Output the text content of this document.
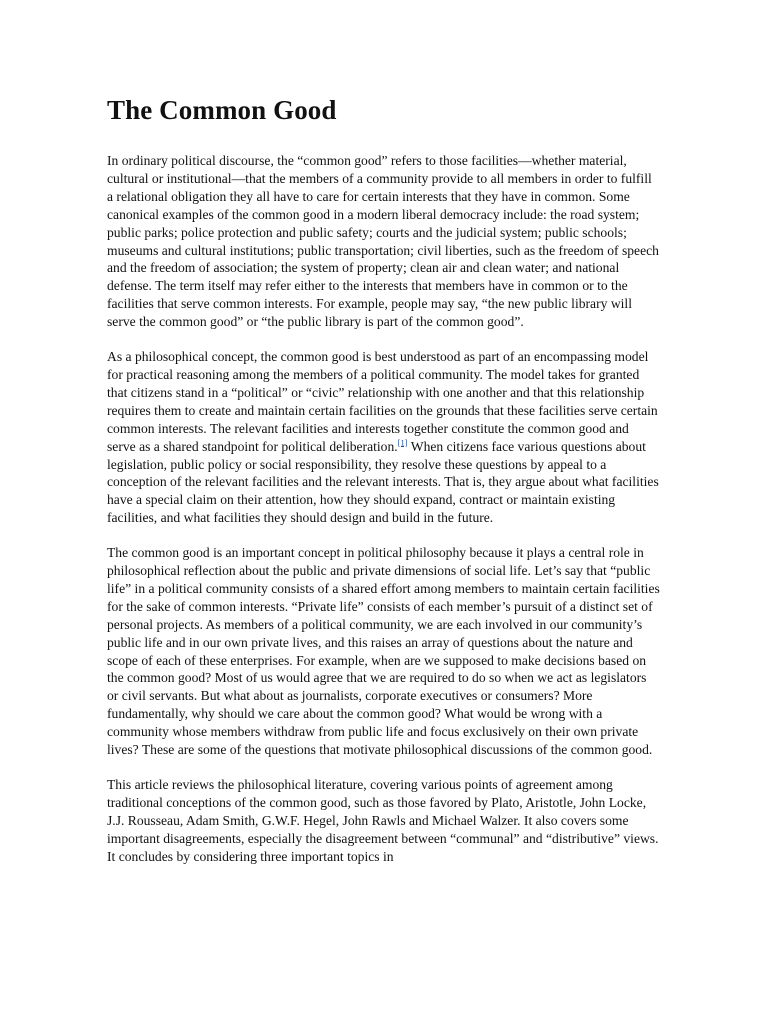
The Common Good

In ordinary political discourse, the “common good” refers to those facilities—whether material, cultural or institutional—that the members of a community provide to all members in order to fulfill a relational obligation they all have to care for certain interests that they have in common. Some canonical examples of the common good in a modern liberal democracy include: the road system; public parks; police protection and public safety; courts and the judicial system; public schools; museums and cultural institutions; public transportation; civil liberties, such as the freedom of speech and the freedom of association; the system of property; clean air and clean water; and national defense. The term itself may refer either to the interests that members have in common or to the facilities that serve common interests. For example, people may say, “the new public library will serve the common good” or “the public library is part of the common good”.

As a philosophical concept, the common good is best understood as part of an encompassing model for practical reasoning among the members of a political community. The model takes for granted that citizens stand in a “political” or “civic” relationship with one another and that this relationship requires them to create and maintain certain facilities on the grounds that these facilities serve certain common interests. The relevant facilities and interests together constitute the common good and serve as a shared standpoint for political deliberation.[1] When citizens face various questions about legislation, public policy or social responsibility, they resolve these questions by appeal to a conception of the relevant facilities and the relevant interests. That is, they argue about what facilities have a special claim on their attention, how they should expand, contract or maintain existing facilities, and what facilities they should design and build in the future.

The common good is an important concept in political philosophy because it plays a central role in philosophical reflection about the public and private dimensions of social life. Let’s say that “public life” in a political community consists of a shared effort among members to maintain certain facilities for the sake of common interests. “Private life” consists of each member’s pursuit of a distinct set of personal projects. As members of a political community, we are each involved in our community’s public life and in our own private lives, and this raises an array of questions about the nature and scope of each of these enterprises. For example, when are we supposed to make decisions based on the common good? Most of us would agree that we are required to do so when we act as legislators or civil servants. But what about as journalists, corporate executives or consumers? More fundamentally, why should we care about the common good? What would be wrong with a community whose members withdraw from public life and focus exclusively on their own private lives? These are some of the questions that motivate philosophical discussions of the common good.

This article reviews the philosophical literature, covering various points of agreement among traditional conceptions of the common good, such as those favored by Plato, Aristotle, John Locke, J.J. Rousseau, Adam Smith, G.W.F. Hegel, John Rawls and Michael Walzer. It also covers some important disagreements, especially the disagreement between “communal” and “distributive” views. It concludes by considering three important topics in
